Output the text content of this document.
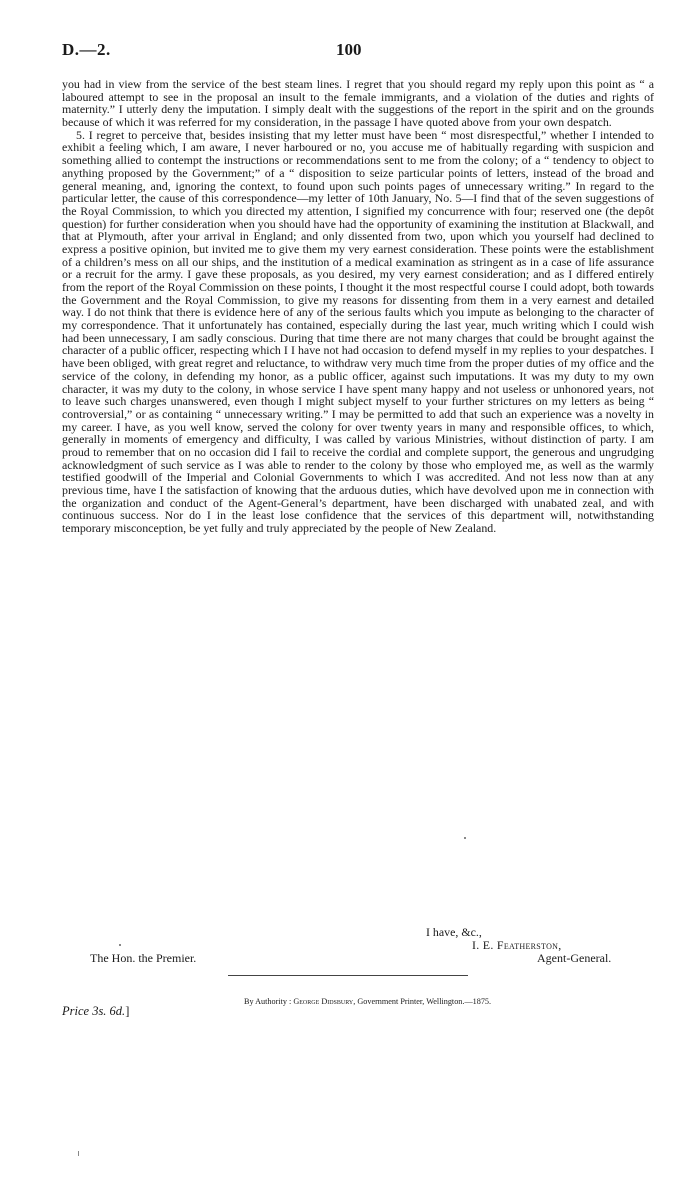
D.—2.	100

you had in view from the service of the best steam lines. I regret that you should regard my reply upon this point as “ a laboured attempt to see in the proposal an insult to the female immigrants, and a violation of the duties and rights of maternity.” I utterly deny the imputation. I simply dealt with the suggestions of the report in the spirit and on the grounds because of which it was referred for my consideration, in the passage I have quoted above from your own despatch.

5. I regret to perceive that, besides insisting that my letter must have been “ most disrespectful,” whether I intended to exhibit a feeling which, I am aware, I never harboured or no, you accuse me of habitually regarding with suspicion and something allied to contempt the instructions or recommendations sent to me from the colony; of a “ tendency to object to anything proposed by the Government;” of a “ disposition to seize particular points of letters, instead of the broad and general meaning, and, ignoring the context, to found upon such points pages of unnecessary writing.” In regard to the particular letter, the cause of this correspondence—my letter of 10th January, No. 5—I find that of the seven suggestions of the Royal Commission, to which you directed my attention, I signified my concurrence with four; reserved one (the depôt question) for further consideration when you should have had the opportunity of examining the institution at Blackwall, and that at Plymouth, after your arrival in England; and only dissented from two, upon which you yourself had declined to express a positive opinion, but invited me to give them my very earnest consideration. These points were the establishment of a children’s mess on all our ships, and the institution of a medical examination as stringent as in a case of life assurance or a recruit for the army. I gave these proposals, as you desired, my very earnest consideration; and as I differed entirely from the report of the Royal Commission on these points, I thought it the most respectful course I could adopt, both towards the Government and the Royal Commission, to give my reasons for dissenting from them in a very earnest and detailed way. I do not think that there is evidence here of any of the serious faults which you impute as belonging to the character of my correspondence. That it unfortunately has contained, especially during the last year, much writing which I could wish had been unnecessary, I am sadly conscious. During that time there are not many charges that could be brought against the character of a public officer, respecting which I I have not had occasion to defend myself in my replies to your despatches. I have been obliged, with great regret and reluctance, to withdraw very much time from the proper duties of my office and the service of the colony, in defending my honor, as a public officer, against such imputations. It was my duty to my own character, it was my duty to the colony, in whose service I have spent many happy and not useless or unhonored years, not to leave such charges unanswered, even though I might subject myself to your further strictures on my letters as being “ controversial,” or as containing “ unnecessary writing.” I may be permitted to add that such an experience was a novelty in my career. I have, as you well know, served the colony for over twenty years in many and responsible offices, to which, generally in moments of emergency and difficulty, I was called by various Ministries, without distinction of party. I am proud to remember that on no occasion did I fail to receive the cordial and complete support, the generous and ungrudging acknowledgment of such service as I was able to render to the colony by those who employed me, as well as the warmly testified goodwill of the Imperial and Colonial Governments to which I was accredited. And not less now than at any previous time, have I the satisfaction of knowing that the arduous duties, which have devolved upon me in connection with the organization and conduct of the Agent-General’s department, have been discharged with unabated zeal, and with continuous success. Nor do I in the least lose confidence that the services of this department will, notwithstanding temporary misconception, be yet fully and truly appreciated by the people of New Zealand.

I have, &c.,
I. E. Featherston,
The Hon. the Premier.	Agent-General.
Price 3s. 6d.]
By Authority : George Didsbury, Government Printer, Wellington.—1875.
